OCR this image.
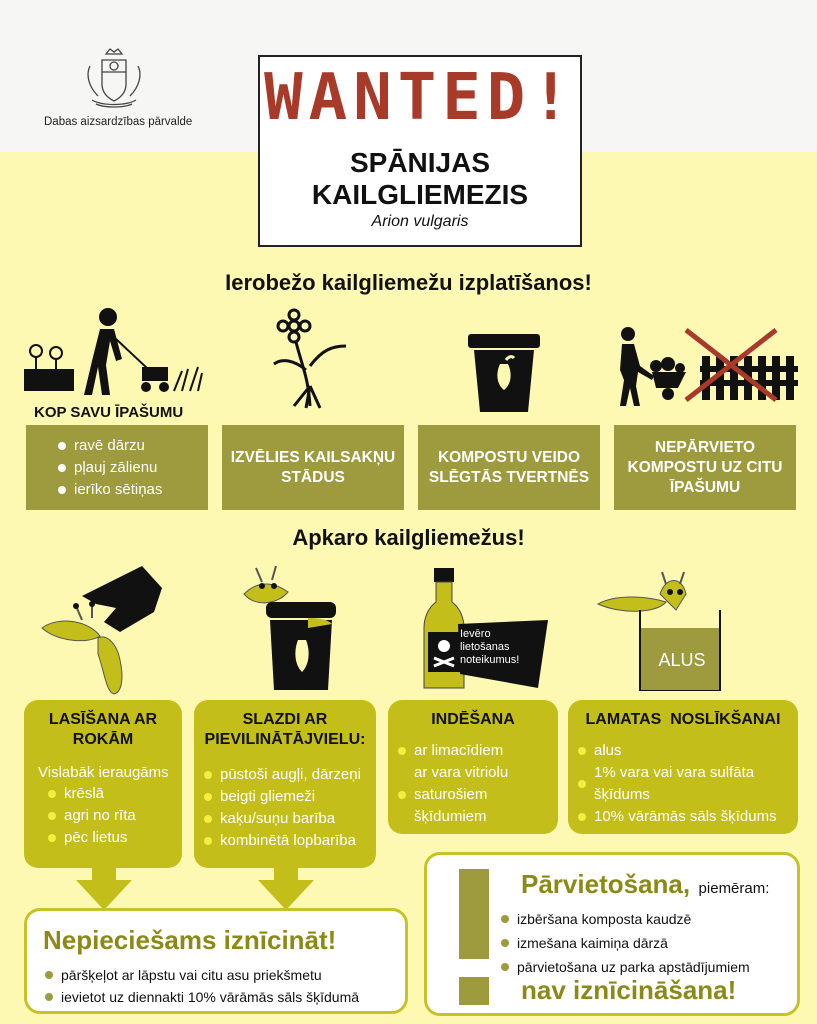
Dabas aizsardzības pārvalde WANTED!
SPĀNIJAS
KAILGLIEMEZIS
Arion vulgaris
Ierobežo kailgliemežu izplatīšanos!
KOP SAVU ĪPAŠUMU
ravē dārzu
pļauj zālienu
ierīko sētiņas
IZVĒLIES KAILSAKŅU STĀDUS
KOMPOSTU VEIDO SLĒGTĀS TVERTNĒS
NEPĀRVIETO KOMPOSTU UZ CITU ĪPAŠUMU
Apkaro kailgliemežus!
Ievēro lietošanas noteikumus!	ALUS
LASĪŠANA AR ROKĀM
Vislabāk ieraugāms
krēslā
agri no rīta
pēc lietus
SLAZDI AR PIEVILINĀTĀJVIELU:
pūstoši augļi, dārzeņi
beigti gliemeži
kaķu/suņu barība
kombinētā lopbarība
INDĒŠANA
ar limacīdiem
ar vara vitriolu saturošiem šķīdumiem
LAMATAS  NOSLĪKŠANAI
alus
1% vara vai vara sulfāta šķīdums
10% vārāmās sāls šķīdums
Nepieciešams iznīcināt!
pāršķeļot ar lāpstu vai citu asu priekšmetu
ievietot uz diennakti 10% vārāmās sāls šķīdumā
Pārvietošana, piemēram:
izbēršana komposta kaudzē
izmešana kaimiņa dārzā
pārvietošana uz parka apstādījumiem
nav iznīcināšana!
